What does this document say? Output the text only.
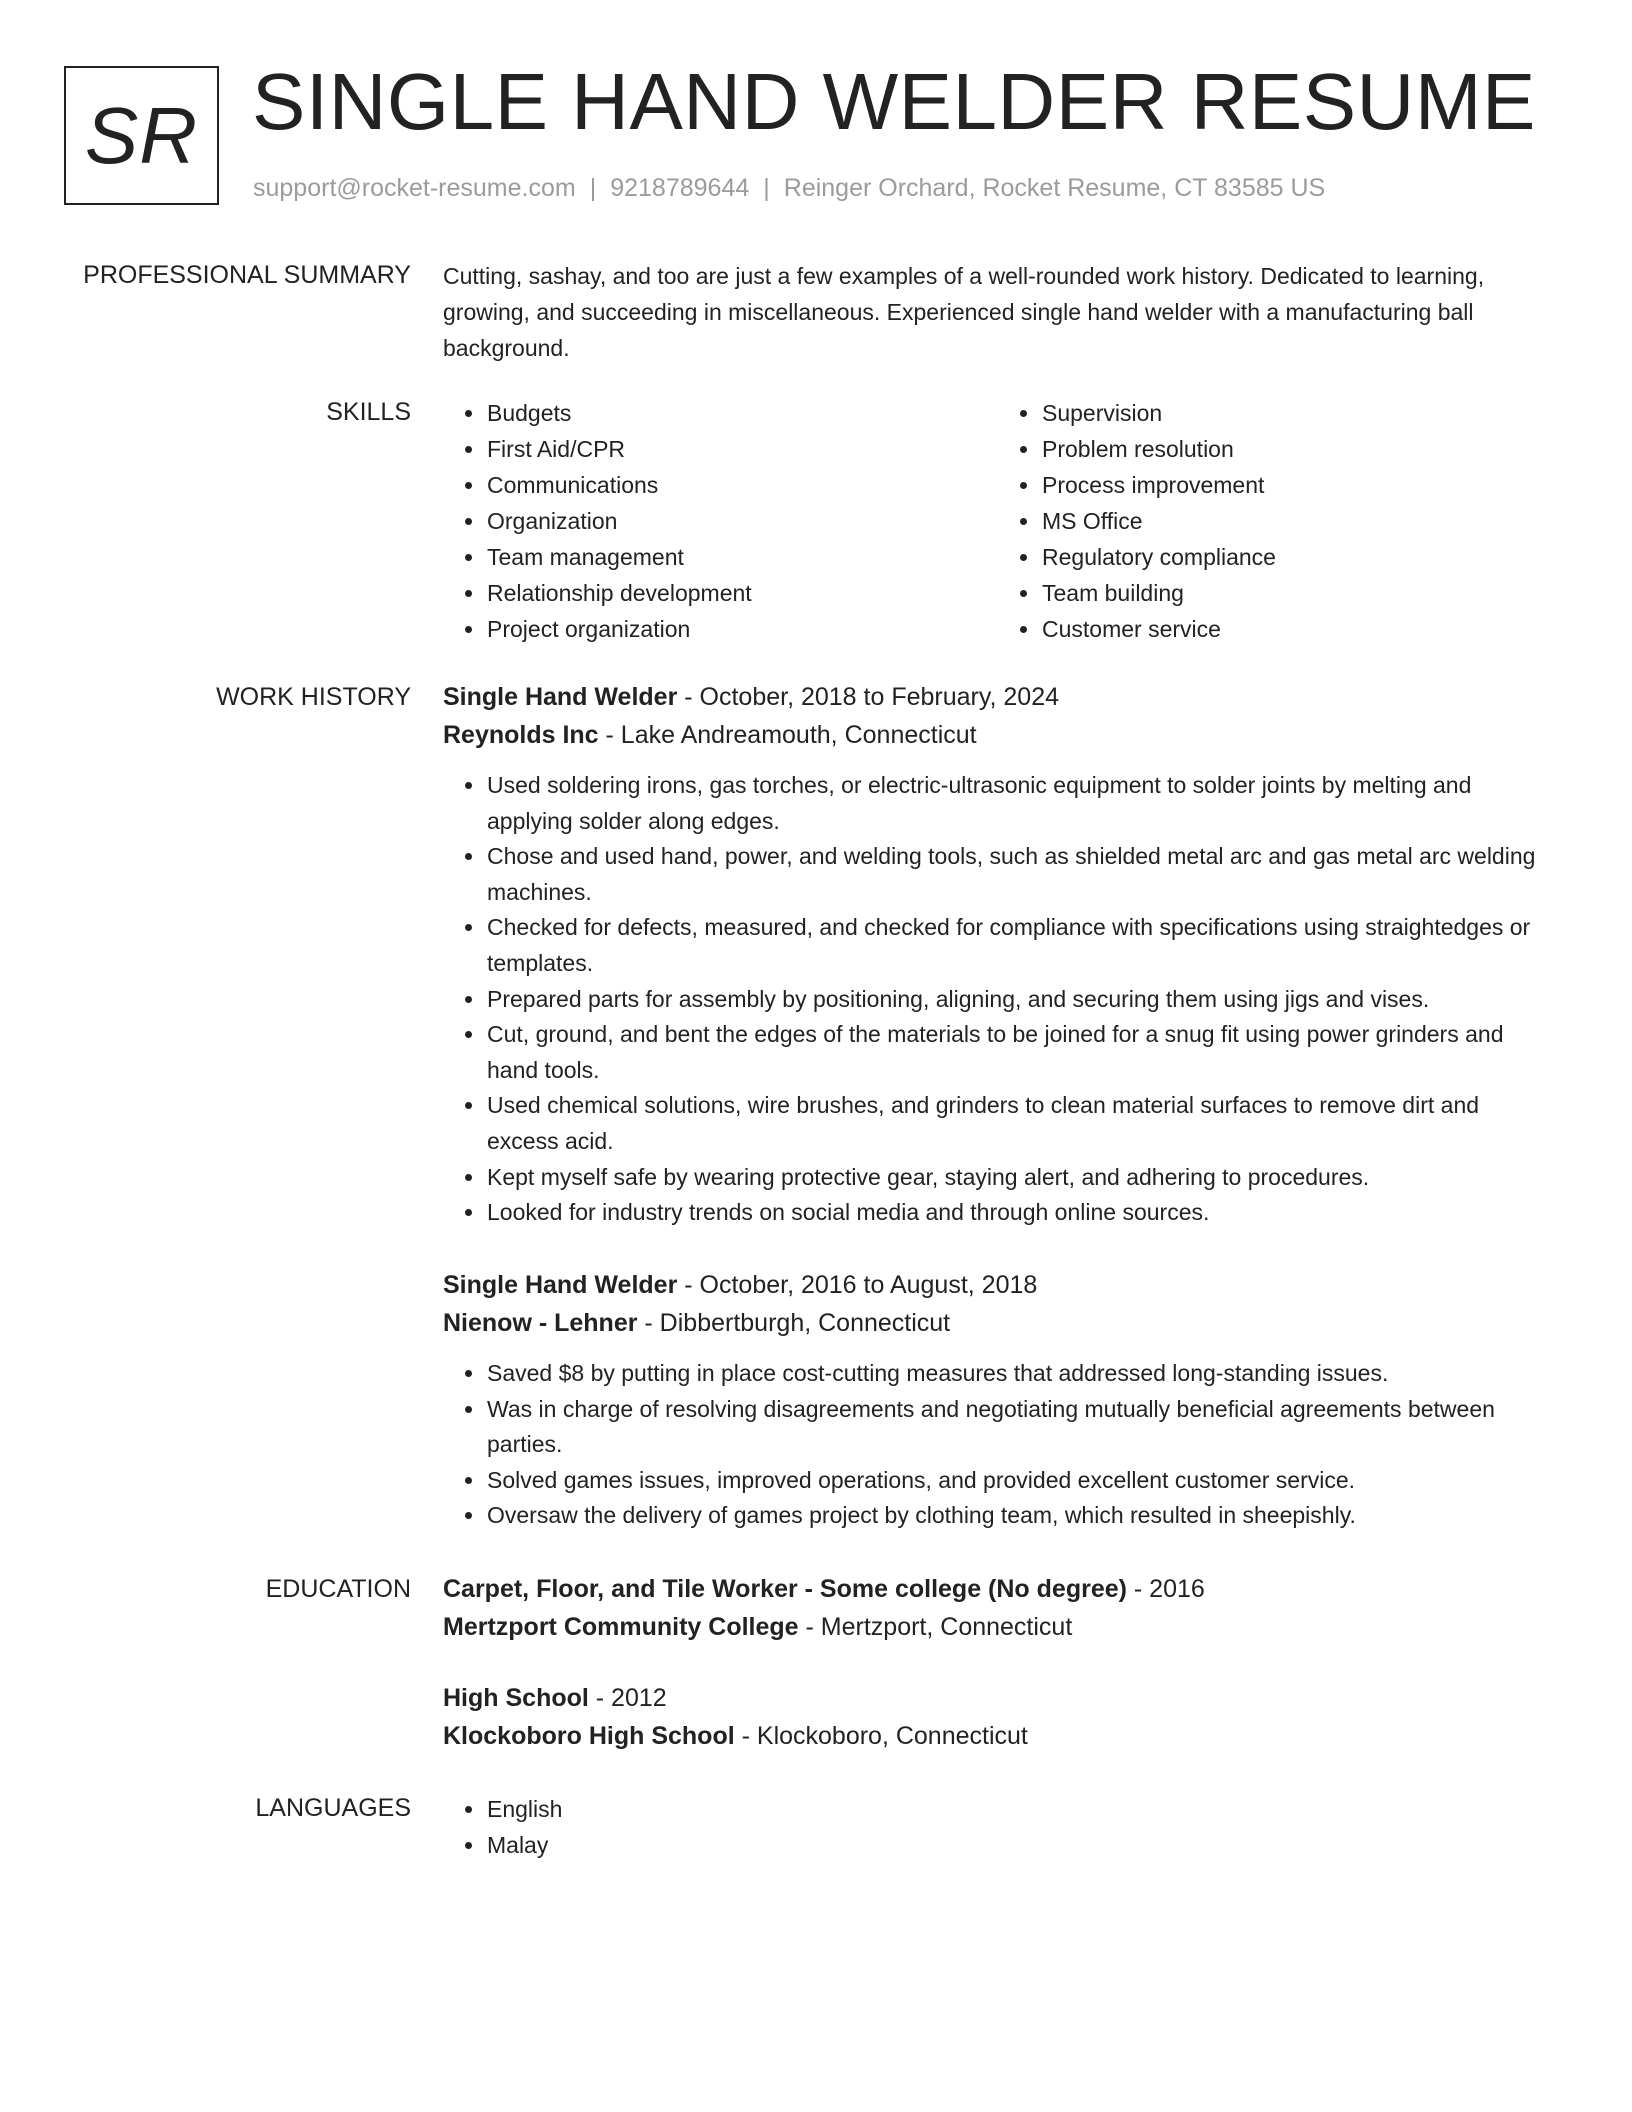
SR SINGLE HAND WELDER RESUME
support@rocket-resume.com | 9218789644 | Reinger Orchard, Rocket Resume, CT 83585 US
PROFESSIONAL SUMMARY Cutting, sashay, and too are just a few examples of a well-rounded work history. Dedicated to learning, growing, and succeeding in miscellaneous. Experienced single hand welder with a manufacturing ball background.

SKILLS	• Budgets
• First Aid/CPR
• Communications
• Organization
• Team management
• Relationship development
• Project organization
• Supervision
• Problem resolution
• Process improvement
• MS Office
• Regulatory compliance
• Team building
• Customer service
WORK HISTORY Single Hand Welder - October, 2018 to February, 2024
Reynolds Inc - Lake Andreamouth, Connecticut
• Used soldering irons, gas torches, or electric-ultrasonic equipment to solder joints by melting and applying solder along edges.
• Chose and used hand, power, and welding tools, such as shielded metal arc and gas metal arc welding machines.
• Checked for defects, measured, and checked for compliance with specifications using straightedges or templates.
• Prepared parts for assembly by positioning, aligning, and securing them using jigs and vises.
• Cut, ground, and bent the edges of the materials to be joined for a snug fit using power grinders and hand tools.
• Used chemical solutions, wire brushes, and grinders to clean material surfaces to remove dirt and excess acid.
• Kept myself safe by wearing protective gear, staying alert, and adhering to procedures.
• Looked for industry trends on social media and through online sources.
Single Hand Welder - October, 2016 to August, 2018
Nienow - Lehner - Dibbertburgh, Connecticut
• Saved $8 by putting in place cost-cutting measures that addressed long-standing issues.
• Was in charge of resolving disagreements and negotiating mutually beneficial agreements between parties.
• Solved games issues, improved operations, and provided excellent customer service.
• Oversaw the delivery of games project by clothing team, which resulted in sheepishly.
EDUCATION Carpet, Floor, and Tile Worker - Some college (No degree) - 2016
Mertzport Community College - Mertzport, Connecticut
High School - 2012
Klockoboro High School - Klockoboro, Connecticut
LANGUAGES	• English
• Malay
